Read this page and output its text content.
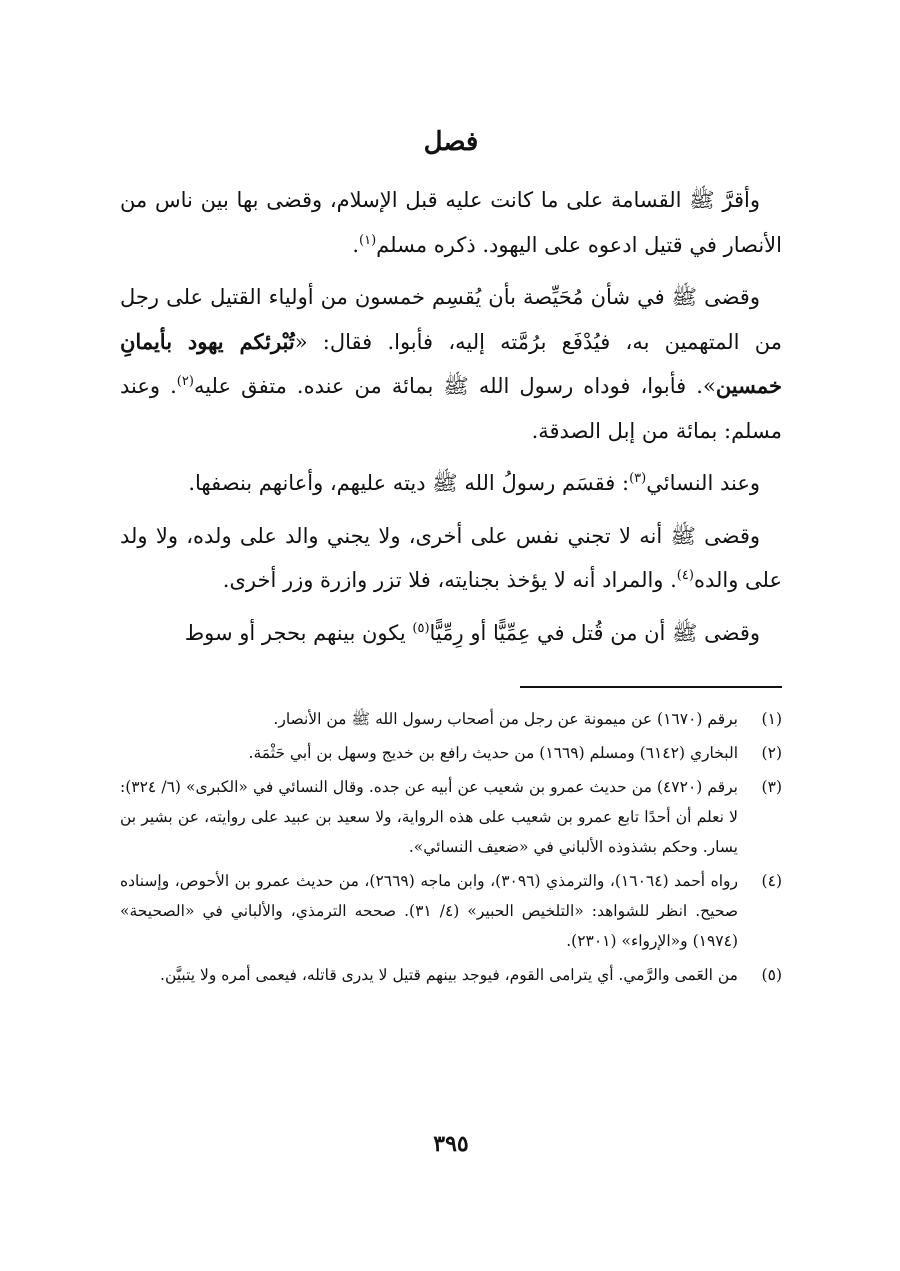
فصل

وأقرَّ ﷺ القسامة على ما كانت عليه قبل الإسلام، وقضى بها بين ناس من الأنصار في قتيل ادعوه على اليهود. ذكره مسلم$^{(١)}$.

وقضى ﷺ في شأن مُحَيِّصة بأن يُقسِم خمسون من أولياء القتيل على رجل من المتهمين به، فيُدْفَع برُمَّته إليه، فأبوا. فقال: «تُبْرئكم يهود بأيمانِ خمسين». فأبوا، فوداه رسول الله ﷺ بمائة من عنده. متفق عليه$^{(٢)}$. وعند مسلم: بمائة من إبل الصدقة.

وعند النسائي$^{(٣)}$: فقسَم رسولُ الله ﷺ ديته عليهم، وأعانهم بنصفها.

وقضى ﷺ أنه لا تجني نفس على أخرى، ولا يجني والد على ولده، ولا ولد على والده$^{(٤)}$. والمراد أنه لا يؤخذ بجنايته، فلا تزر وازرة وزر أخرى.

وقضى ﷺ أن من قُتل في عِمِّيًّا أو رِمِّيًّا$^{(٥)}$ يكون بينهم بحجر أو سوط

(١)
برقم (١٦٧٠) عن ميمونة عن رجل من أصحاب رسول الله ﷺ من الأنصار.
(٢)
البخاري (٦١٤٢) ومسلم (١٦٦٩) من حديث رافع بن خديج وسهل بن أبي حَثْمَة.
(٣)
برقم (٤٧٢٠) من حديث عمرو بن شعيب عن أبيه عن جده. وقال النسائي في «الكبرى» (٦/ ٣٢٤): لا نعلم أن أحدًا تابع عمرو بن شعيب على هذه الرواية، ولا سعيد بن عبيد على روايته، عن بشير بن يسار. وحكم بشذوذه الألباني في «ضعيف النسائي».
(٤)
رواه أحمد (١٦٠٦٤)، والترمذي (٣٠٩٦)، وابن ماجه (٢٦٦٩)، من حديث عمرو بن الأحوص، وإسناده صحيح. انظر للشواهد: «التلخيص الحبير» (٤/ ٣١). صححه الترمذي، والألباني في «الصحيحة» (١٩٧٤) و«الإرواء» (٢٣٠١).
(٥)
من العَمى والرَّمي. أي يترامى القوم، فيوجد بينهم قتيل لا يدرى قاتله، فيعمى أمره ولا يتبيَّن.
٣٩٥
